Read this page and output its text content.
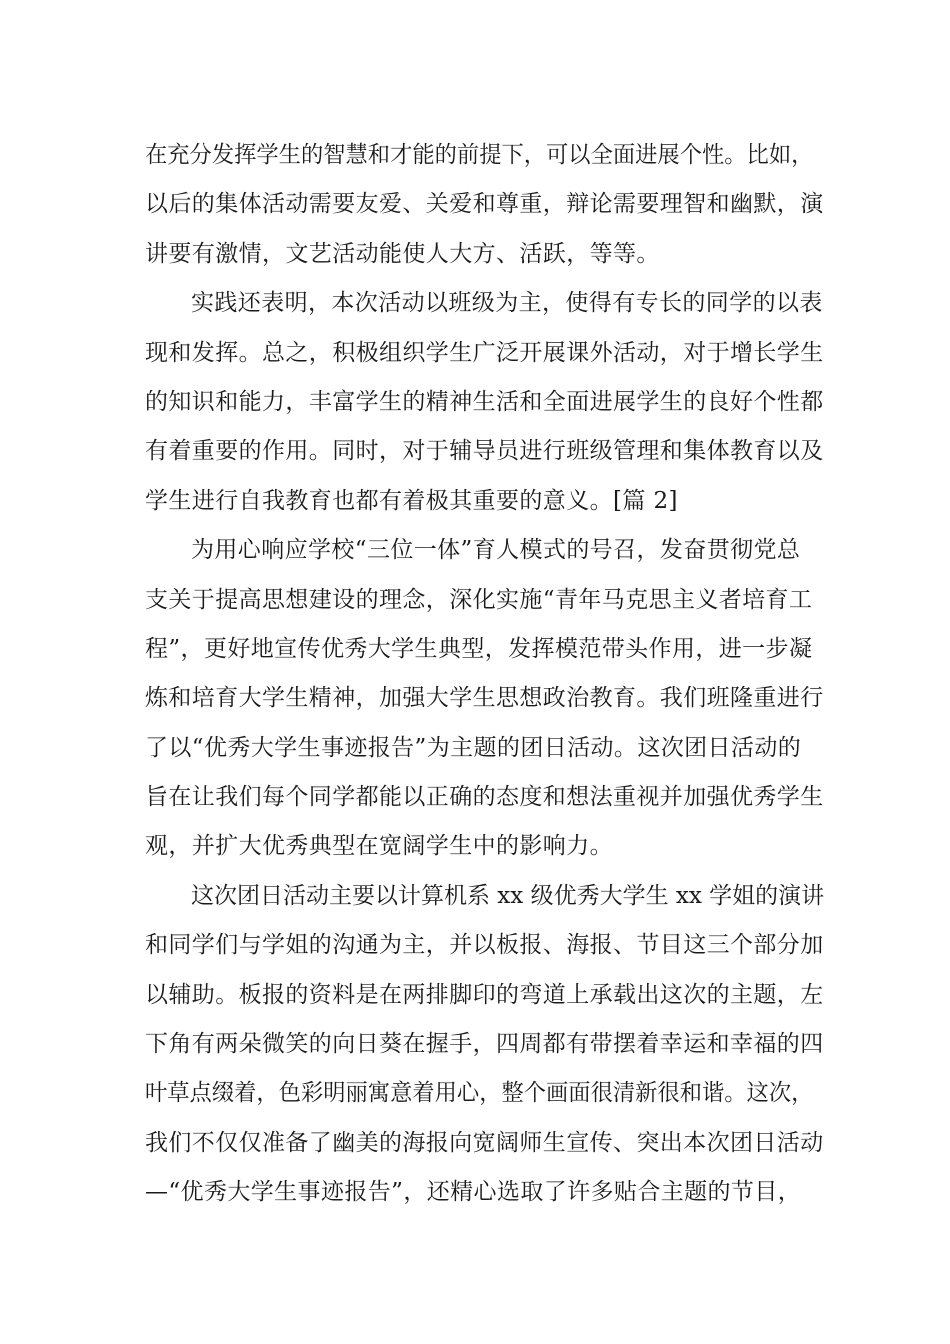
在充分发挥学生的智慧和才能的前提下，可以全面进展个性。比如，
以后的集体活动需要友爱、关爱和尊重，辩论需要理智和幽默，演
讲要有激情，文艺活动能使人大方、活跃，等等。
实践还表明，本次活动以班级为主，使得有专长的同学的以表
现和发挥。总之，积极组织学生广泛开展课外活动，对于增长学生
的知识和能力，丰富学生的精神生活和全面进展学生的良好个性都
有着重要的作用。同时，对于辅导员进行班级管理和集体教育以及
学生进行自我教育也都有着极其重要的意义。[篇 2]
为用心响应学校“三位一体”育人模式的号召，发奋贯彻党总
支关于提高思想建设的理念，深化实施“青年马克思主义者培育工
程”，更好地宣传优秀大学生典型，发挥模范带头作用，进一步凝
炼和培育大学生精神，加强大学生思想政治教育。我们班隆重进行
了以“优秀大学生事迹报告”为主题的团日活动。这次团日活动的
旨在让我们每个同学都能以正确的态度和想法重视并加强优秀学生
观，并扩大优秀典型在宽阔学生中的影响力。
这次团日活动主要以计算机系 xx 级优秀大学生 xx 学姐的演讲
和同学们与学姐的沟通为主，并以板报、海报、节目这三个部分加
以辅助。板报的资料是在两排脚印的弯道上承载出这次的主题，左
下角有两朵微笑的向日葵在握手，四周都有带摆着幸运和幸福的四
叶草点缀着，色彩明丽寓意着用心，整个画面很清新很和谐。这次，
我们不仅仅准备了幽美的海报向宽阔师生宣传、突出本次团日活动
—“优秀大学生事迹报告”，还精心选取了许多贴合主题的节目，
